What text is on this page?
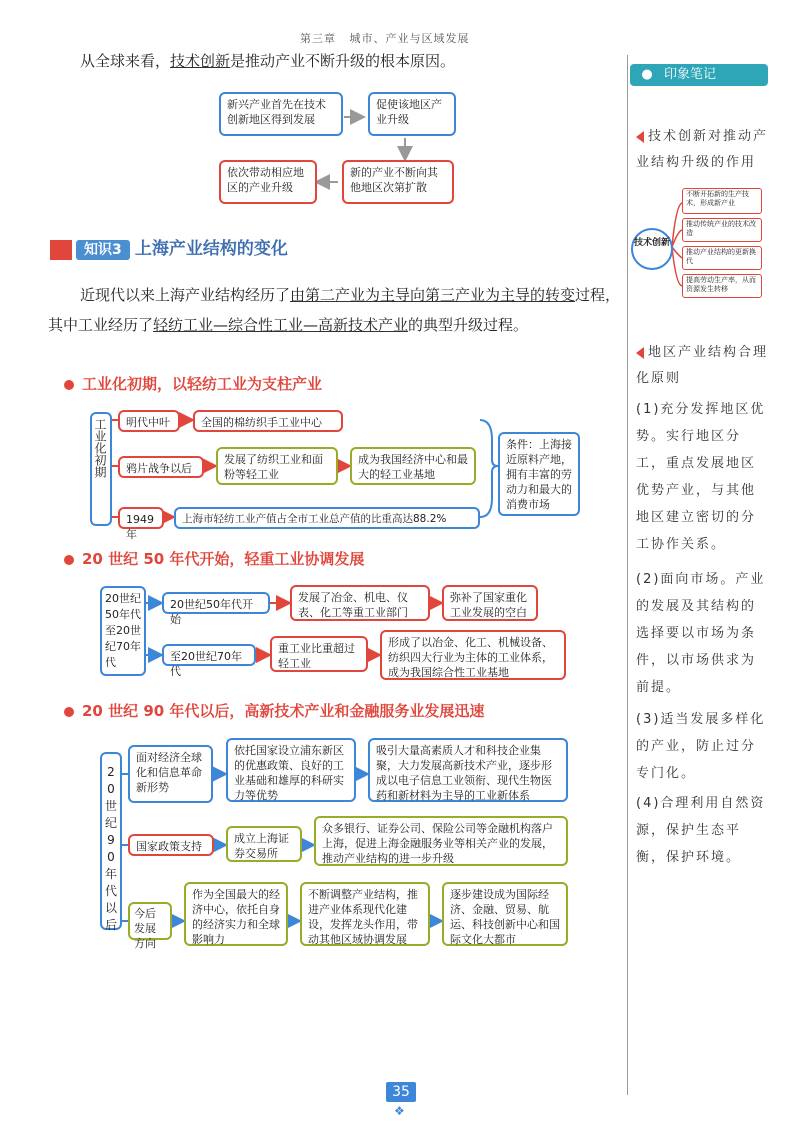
第三章 城市、产业与区域发展
从全球来看，技术创新是推动产业不断升级的根本原因。
新兴产业首先在技术创新地区得到发展
促使该地区产业升级
新的产业不断向其他地区次第扩散
依次带动相应地区的产业升级
知识3 上海产业结构的变化
近现代以来上海产业结构经历了由第二产业为主导向第三产业为主导的转变过程，其中工业经历了轻纺工业—综合性工业—高新技术产业的典型升级过程。
工业化初期，以轻纺工业为支柱产业
工业化初期	明代中叶	全国的棉纺织手工业中心
鸦片战争以后
发展了纺织工业和面粉等轻工业
成为我国经济中心和最大的轻工业基地
1949年
上海市轻纺工业产值占全市工业总产值的比重高达88.2%
条件：上海接近原料产地，拥有丰富的劳动力和最大的消费市场
20 世纪 50 年代开始，轻重工业协调发展
20世纪50年代至20世纪70年代
20世纪50年代开始
发展了冶金、机电、仪表、化工等重工业部门
弥补了国家重化工业发展的空白
至20世纪70年代
重工业比重超过轻工业
形成了以冶金、化工、机械设备、纺织四大行业为主体的工业体系，成为我国综合性工业基地
20 世纪 90 年代以后，高新技术产业和金融服务业发展迅速
20世纪90年代以后
面对经济全球化和信息革命新形势
依托国家设立浦东新区的优惠政策、良好的工业基础和雄厚的科研实力等优势
吸引大量高素质人才和科技企业集聚，大力发展高新技术产业，逐步形成以电子信息工业领衔、现代生物医药和新材料为主导的工业新体系
国家政策支持
成立上海证券交易所
众多银行、证券公司、保险公司等金融机构落户上海，促进上海金融服务业等相关产业的发展，推动产业结构的进一步升级
今后发展方向
作为全国最大的经济中心，依托自身的经济实力和全球影响力
不断调整产业结构，推进产业体系现代化建设，发挥龙头作用，带动其他区域协调发展
逐步建设成为国际经济、金融、贸易、航运、科技创新中心和国际文化大都市
● 印象笔记
技术创新对推动产业结构升级的作用
技术创新
不断开拓新的生产技术，形成新产业
推动传统产业的技术改造
推动产业结构的更新换代
提高劳动生产率，从而资源发生转移
地区产业结构合理化原则
(1)充分发挥地区优势。实行地区分工，重点发展地区优势产业，与其他地区建立密切的分工协作关系。
(2)面向市场。产业的发展及其结构的选择要以市场为条件，以市场供求为前提。
(3)适当发展多样化的产业，防止过分专门化。
(4)合理利用自然资源，保护生态平衡，保护环境。
35
❖
